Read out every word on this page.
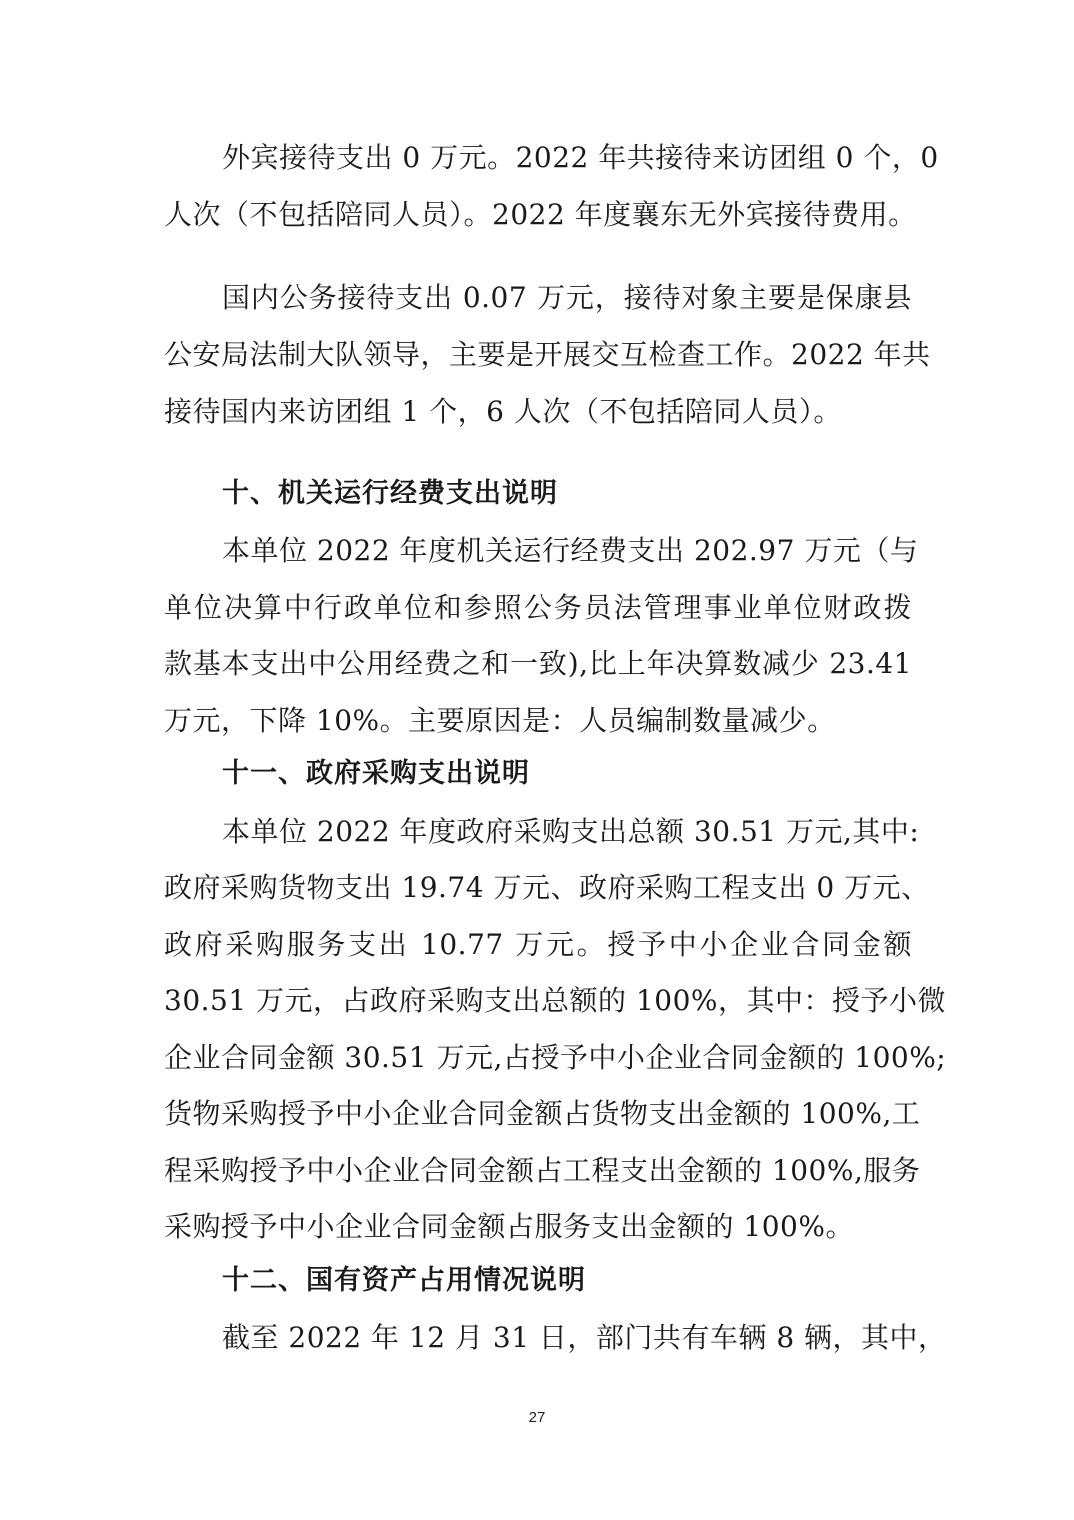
外宾接待支出 0 万元。2022 年共接待来访团组 0 个，0
人次（不包括陪同人员）。2022 年度襄东无外宾接待费用。
国内公务接待支出 0.07 万元，接待对象主要是保康县
公安局法制大队领导，主要是开展交互检查工作。2022 年共
接待国内来访团组 1 个，6 人次（不包括陪同人员）。
十、机关运行经费支出说明
本单位 2022 年度机关运行经费支出 202.97 万元（与
单位决算中行政单位和参照公务员法管理事业单位财政拨
款基本支出中公用经费之和一致),比上年决算数减少 23.41
万元，下降 10%。主要原因是：人员编制数量减少。
十一、政府采购支出说明
本单位 2022 年度政府采购支出总额 30.51 万元,其中:
政府采购货物支出 19.74 万元、政府采购工程支出 0 万元、
政府采购服务支出 10.77 万元。授予中小企业合同金额
30.51 万元，占政府采购支出总额的 100%，其中：授予小微
企业合同金额 30.51 万元,占授予中小企业合同金额的 100%;
货物采购授予中小企业合同金额占货物支出金额的 100%,工
程采购授予中小企业合同金额占工程支出金额的 100%,服务
采购授予中小企业合同金额占服务支出金额的 100%。
十二、国有资产占用情况说明
截至 2022 年 12 月 31 日，部门共有车辆 8 辆，其中，
27
